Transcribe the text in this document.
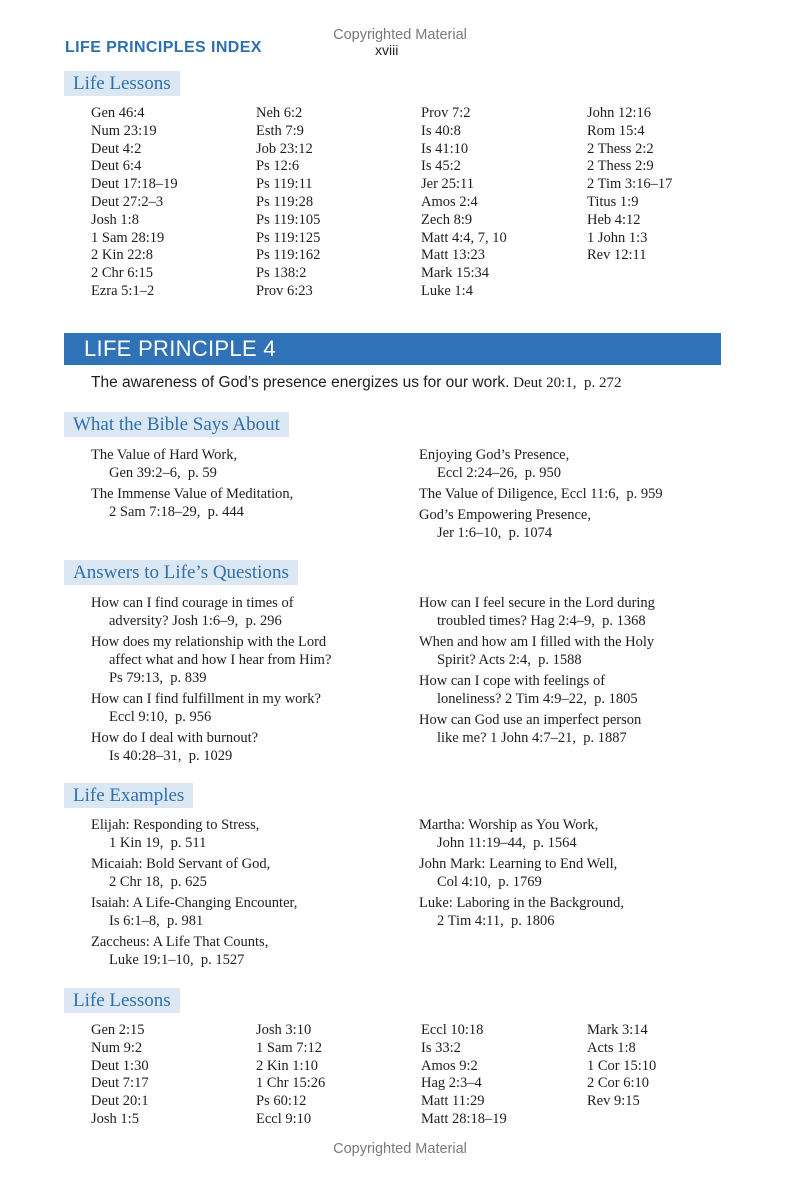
Copyrighted Material
LIFE PRINCIPLES INDEX	xviii
Life Lessons
Gen 46:4
Num 23:19
Deut 4:2
Deut 6:4
Deut 17:18–19
Deut 27:2–3
Josh 1:8
1 Sam 28:19
2 Kin 22:8
2 Chr 6:15
Ezra 5:1–2
Neh 6:2
Esth 7:9
Job 23:12
Ps 12:6
Ps 119:11
Ps 119:28
Ps 119:105
Ps 119:125
Ps 119:162
Ps 138:2
Prov 6:23
Prov 7:2
Is 40:8
Is 41:10
Is 45:2
Jer 25:11
Amos 2:4
Zech 8:9
Matt 4:4, 7, 10
Matt 13:23
Mark 15:34
Luke 1:4
John 12:16
Rom 15:4
2 Thess 2:2
2 Thess 2:9
2 Tim 3:16–17
Titus 1:9
Heb 4:12
1 John 1:3
Rev 12:11
LIFE PRINCIPLE 4
The awareness of God’s presence energizes us for our work. Deut 20:1, p. 272
What the Bible Says About
The Value of Hard Work,
Gen 39:2–6, p. 59
The Immense Value of Meditation,
2 Sam 7:18–29, p. 444
Enjoying God’s Presence,
Eccl 2:24–26, p. 950
The Value of Diligence, Eccl 11:6, p. 959
God’s Empowering Presence,
Jer 1:6–10, p. 1074
Answers to Life’s Questions
How can I find courage in times of
adversity? Josh 1:6–9, p. 296
How does my relationship with the Lord
affect what and how I hear from Him?
Ps 79:13, p. 839
How can I find fulfillment in my work?
Eccl 9:10, p. 956
How do I deal with burnout?
Is 40:28–31, p. 1029
How can I feel secure in the Lord during
troubled times? Hag 2:4–9, p. 1368
When and how am I filled with the Holy
Spirit? Acts 2:4, p. 1588
How can I cope with feelings of
loneliness? 2 Tim 4:9–22, p. 1805
How can God use an imperfect person
like me? 1 John 4:7–21, p. 1887
Life Examples
Elijah: Responding to Stress,
1 Kin 19, p. 511
Micaiah: Bold Servant of God,
2 Chr 18, p. 625
Isaiah: A Life-Changing Encounter,
Is 6:1–8, p. 981
Zaccheus: A Life That Counts,
Luke 19:1–10, p. 1527
Martha: Worship as You Work,
John 11:19–44, p. 1564
John Mark: Learning to End Well,
Col 4:10, p. 1769
Luke: Laboring in the Background,
2 Tim 4:11, p. 1806
Life Lessons
Gen 2:15
Num 9:2
Deut 1:30
Deut 7:17
Deut 20:1
Josh 1:5
Josh 3:10
1 Sam 7:12
2 Kin 1:10
1 Chr 15:26
Ps 60:12
Eccl 9:10
Eccl 10:18
Is 33:2
Amos 9:2
Hag 2:3–4
Matt 11:29
Matt 28:18–19
Mark 3:14
Acts 1:8
1 Cor 15:10
2 Cor 6:10
Rev 9:15
Copyrighted Material
